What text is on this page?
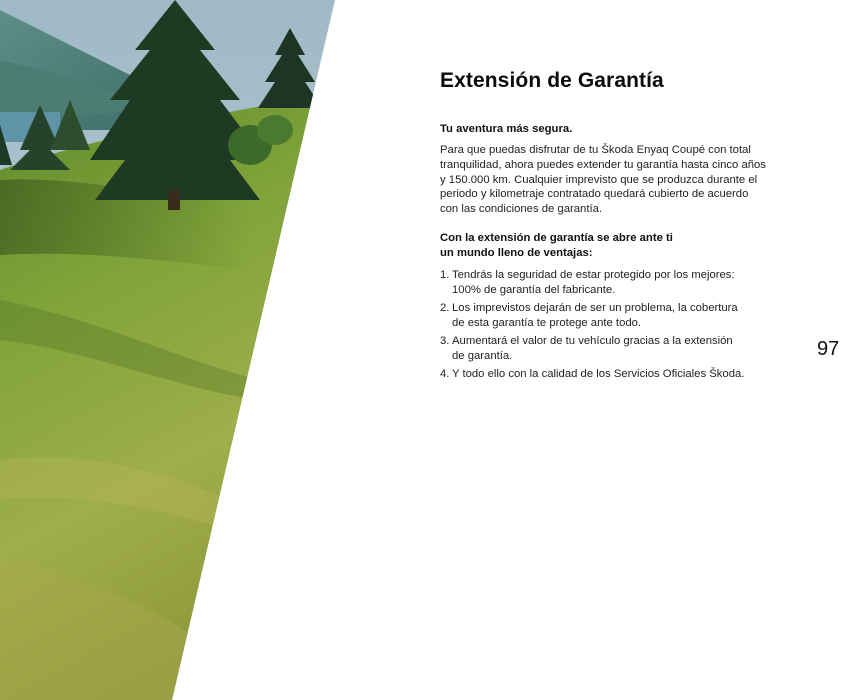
Extensión de Garantía
Tu aventura más segura.
Para que puedas disfrutar de tu Škoda Enyaq Coupé con total
tranquilidad, ahora puedes extender tu garantía hasta cinco años
y 150.000 km. Cualquier imprevisto que se produzca durante el
periodo y kilometraje contratado quedará cubierto de acuerdo
con las condiciones de garantía.
Con la extensión de garantía se abre ante ti
un mundo lleno de ventajas:
1. Tendrás la seguridad de estar protegido por los mejores:
100% de garantía del fabricante.
2. Los imprevistos dejarán de ser un problema, la cobertura
de esta garantía te protege ante todo.
3. Aumentará el valor de tu vehículo gracias a la extensión
de garantía.
4. Y todo ello con la calidad de los Servicios Oficiales Škoda.
97
